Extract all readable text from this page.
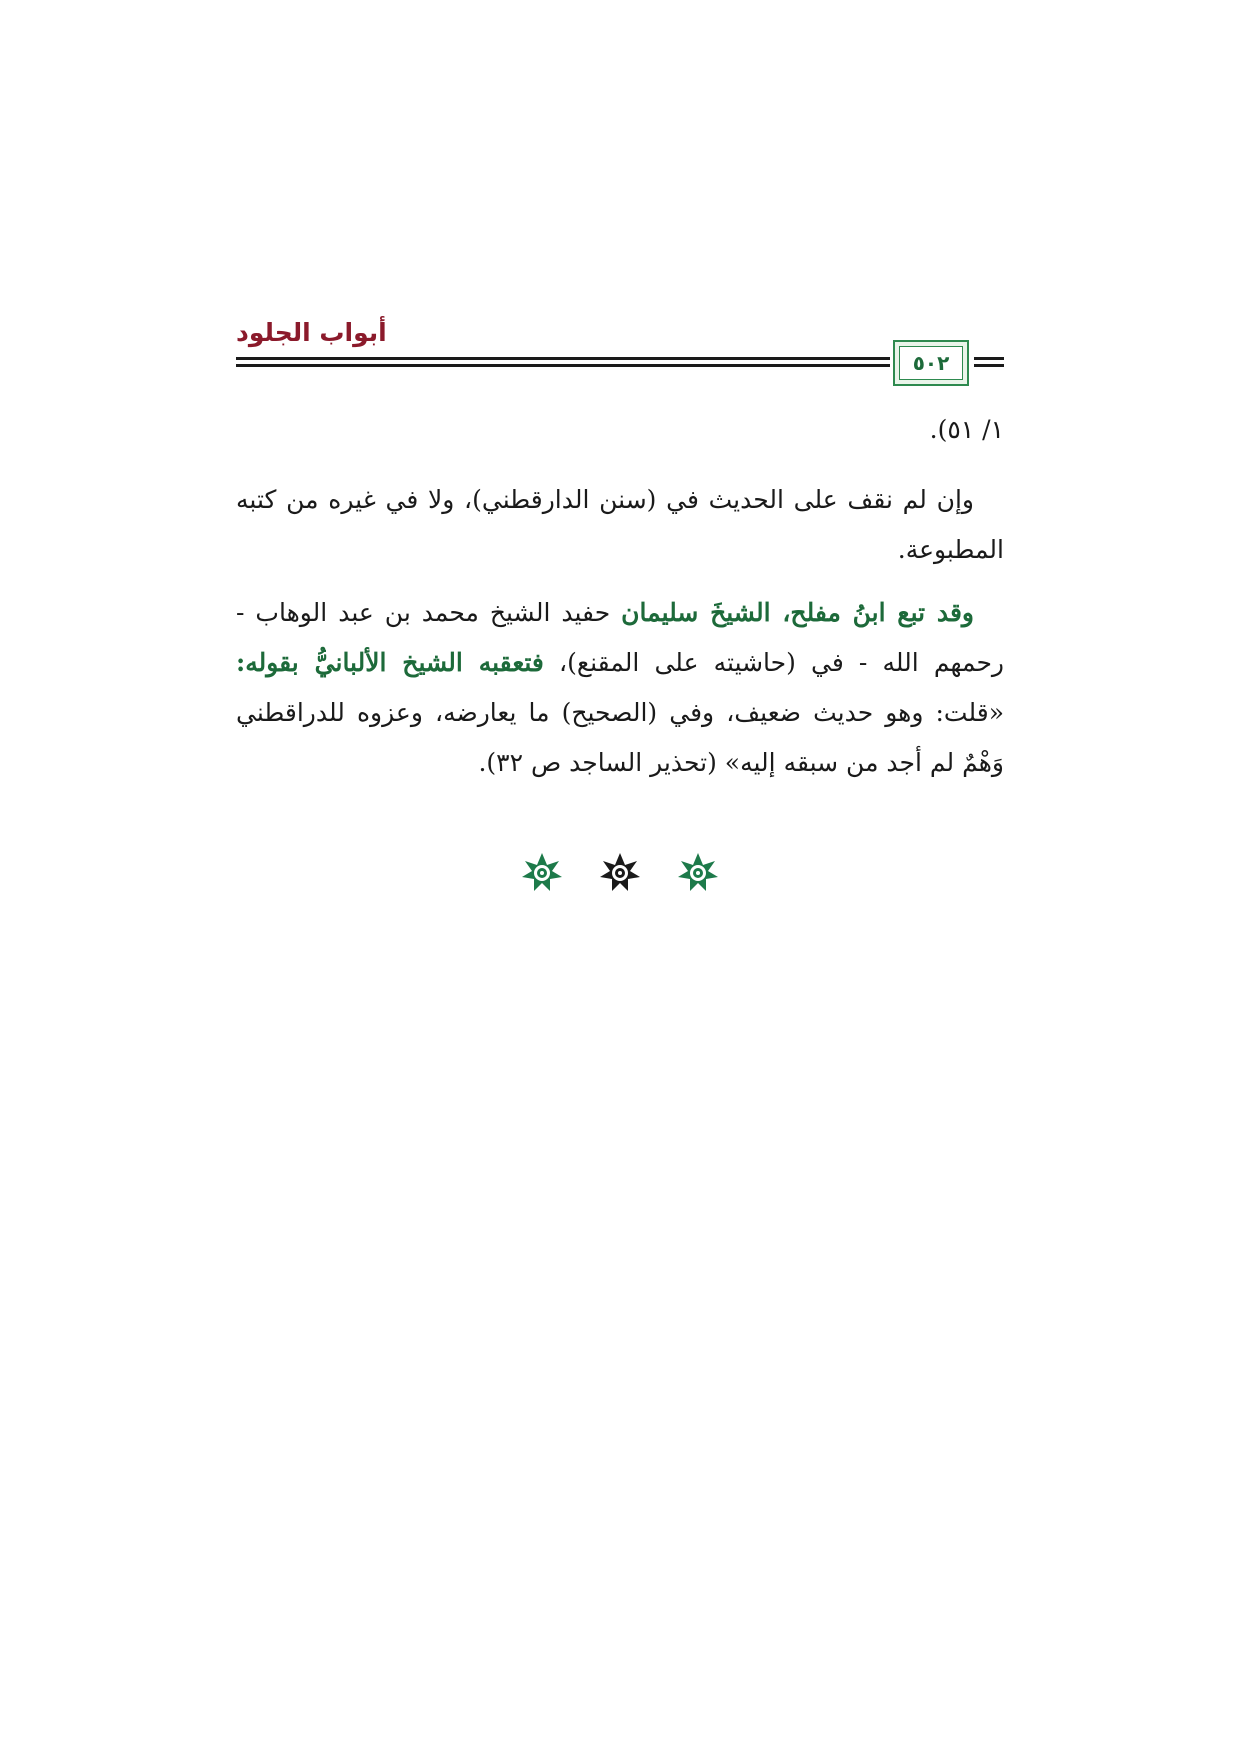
أبواب الجلود
٥٠٢
١/ ٥١).
وإن لم نقف على الحديث في (سنن الدارقطني)، ولا في غيره من كتبه المطبوعة.
وقد تبع ابنُ مفلح، الشيخَ سليمان حفيد الشيخ محمد بن عبد الوهاب - رحمهم الله - في (حاشيته على المقنع)، فتعقبه الشيخ الألبانيُّ بقوله: «قلت: وهو حديث ضعيف، وفي (الصحيح) ما يعارضه، وعزوه للدراقطني وَهْمٌ لم أجد من سبقه إليه» (تحذير الساجد ص ٣٢).
